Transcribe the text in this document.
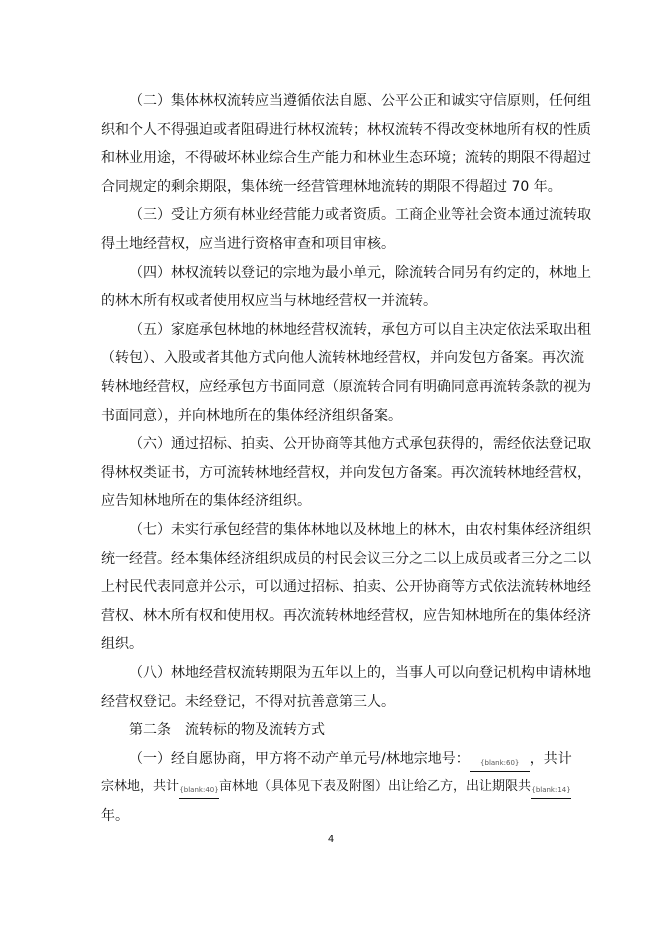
（二）集体林权流转应当遵循依法自愿、公平公正和诚实守信原则，任何组
织和个人不得强迫或者阻碍进行林权流转；林权流转不得改变林地所有权的性质
和林业用途，不得破坏林业综合生产能力和林业生态环境；流转的期限不得超过
合同规定的剩余期限，集体统一经营管理林地流转的期限不得超过 70 年。
（三）受让方须有林业经营能力或者资质。工商企业等社会资本通过流转取
得土地经营权，应当进行资格审查和项目审核。
（四）林权流转以登记的宗地为最小单元，除流转合同另有约定的，林地上
的林木所有权或者使用权应当与林地经营权一并流转。
（五）家庭承包林地的林地经营权流转，承包方可以自主决定依法采取出租
（转包）、入股或者其他方式向他人流转林地经营权，并向发包方备案。再次流
转林地经营权，应经承包方书面同意（原流转合同有明确同意再流转条款的视为
书面同意），并向林地所在的集体经济组织备案。
（六）通过招标、拍卖、公开协商等其他方式承包获得的，需经依法登记取
得林权类证书，方可流转林地经营权，并向发包方备案。再次流转林地经营权，
应告知林地所在的集体经济组织。
（七）未实行承包经营的集体林地以及林地上的林木，由农村集体经济组织
统一经营。经本集体经济组织成员的村民会议三分之二以上成员或者三分之二以
上村民代表同意并公示，可以通过招标、拍卖、公开协商等方式依法流转林地经
营权、林木所有权和使用权。再次流转林地经营权，应告知林地所在的集体经济
组织。
（八）林地经营权流转期限为五年以上的，当事人可以向登记机构申请林地
经营权登记。未经登记，不得对抗善意第三人。
第二条　流转标的物及流转方式
（一）经自愿协商，甲方将不动产单元号/林地宗地号： {blank:60} ，共计
宗林地，共计{blank:40}亩林地（具体见下表及附图）出让给乙方，出让期限共{blank:14}
年。
4
